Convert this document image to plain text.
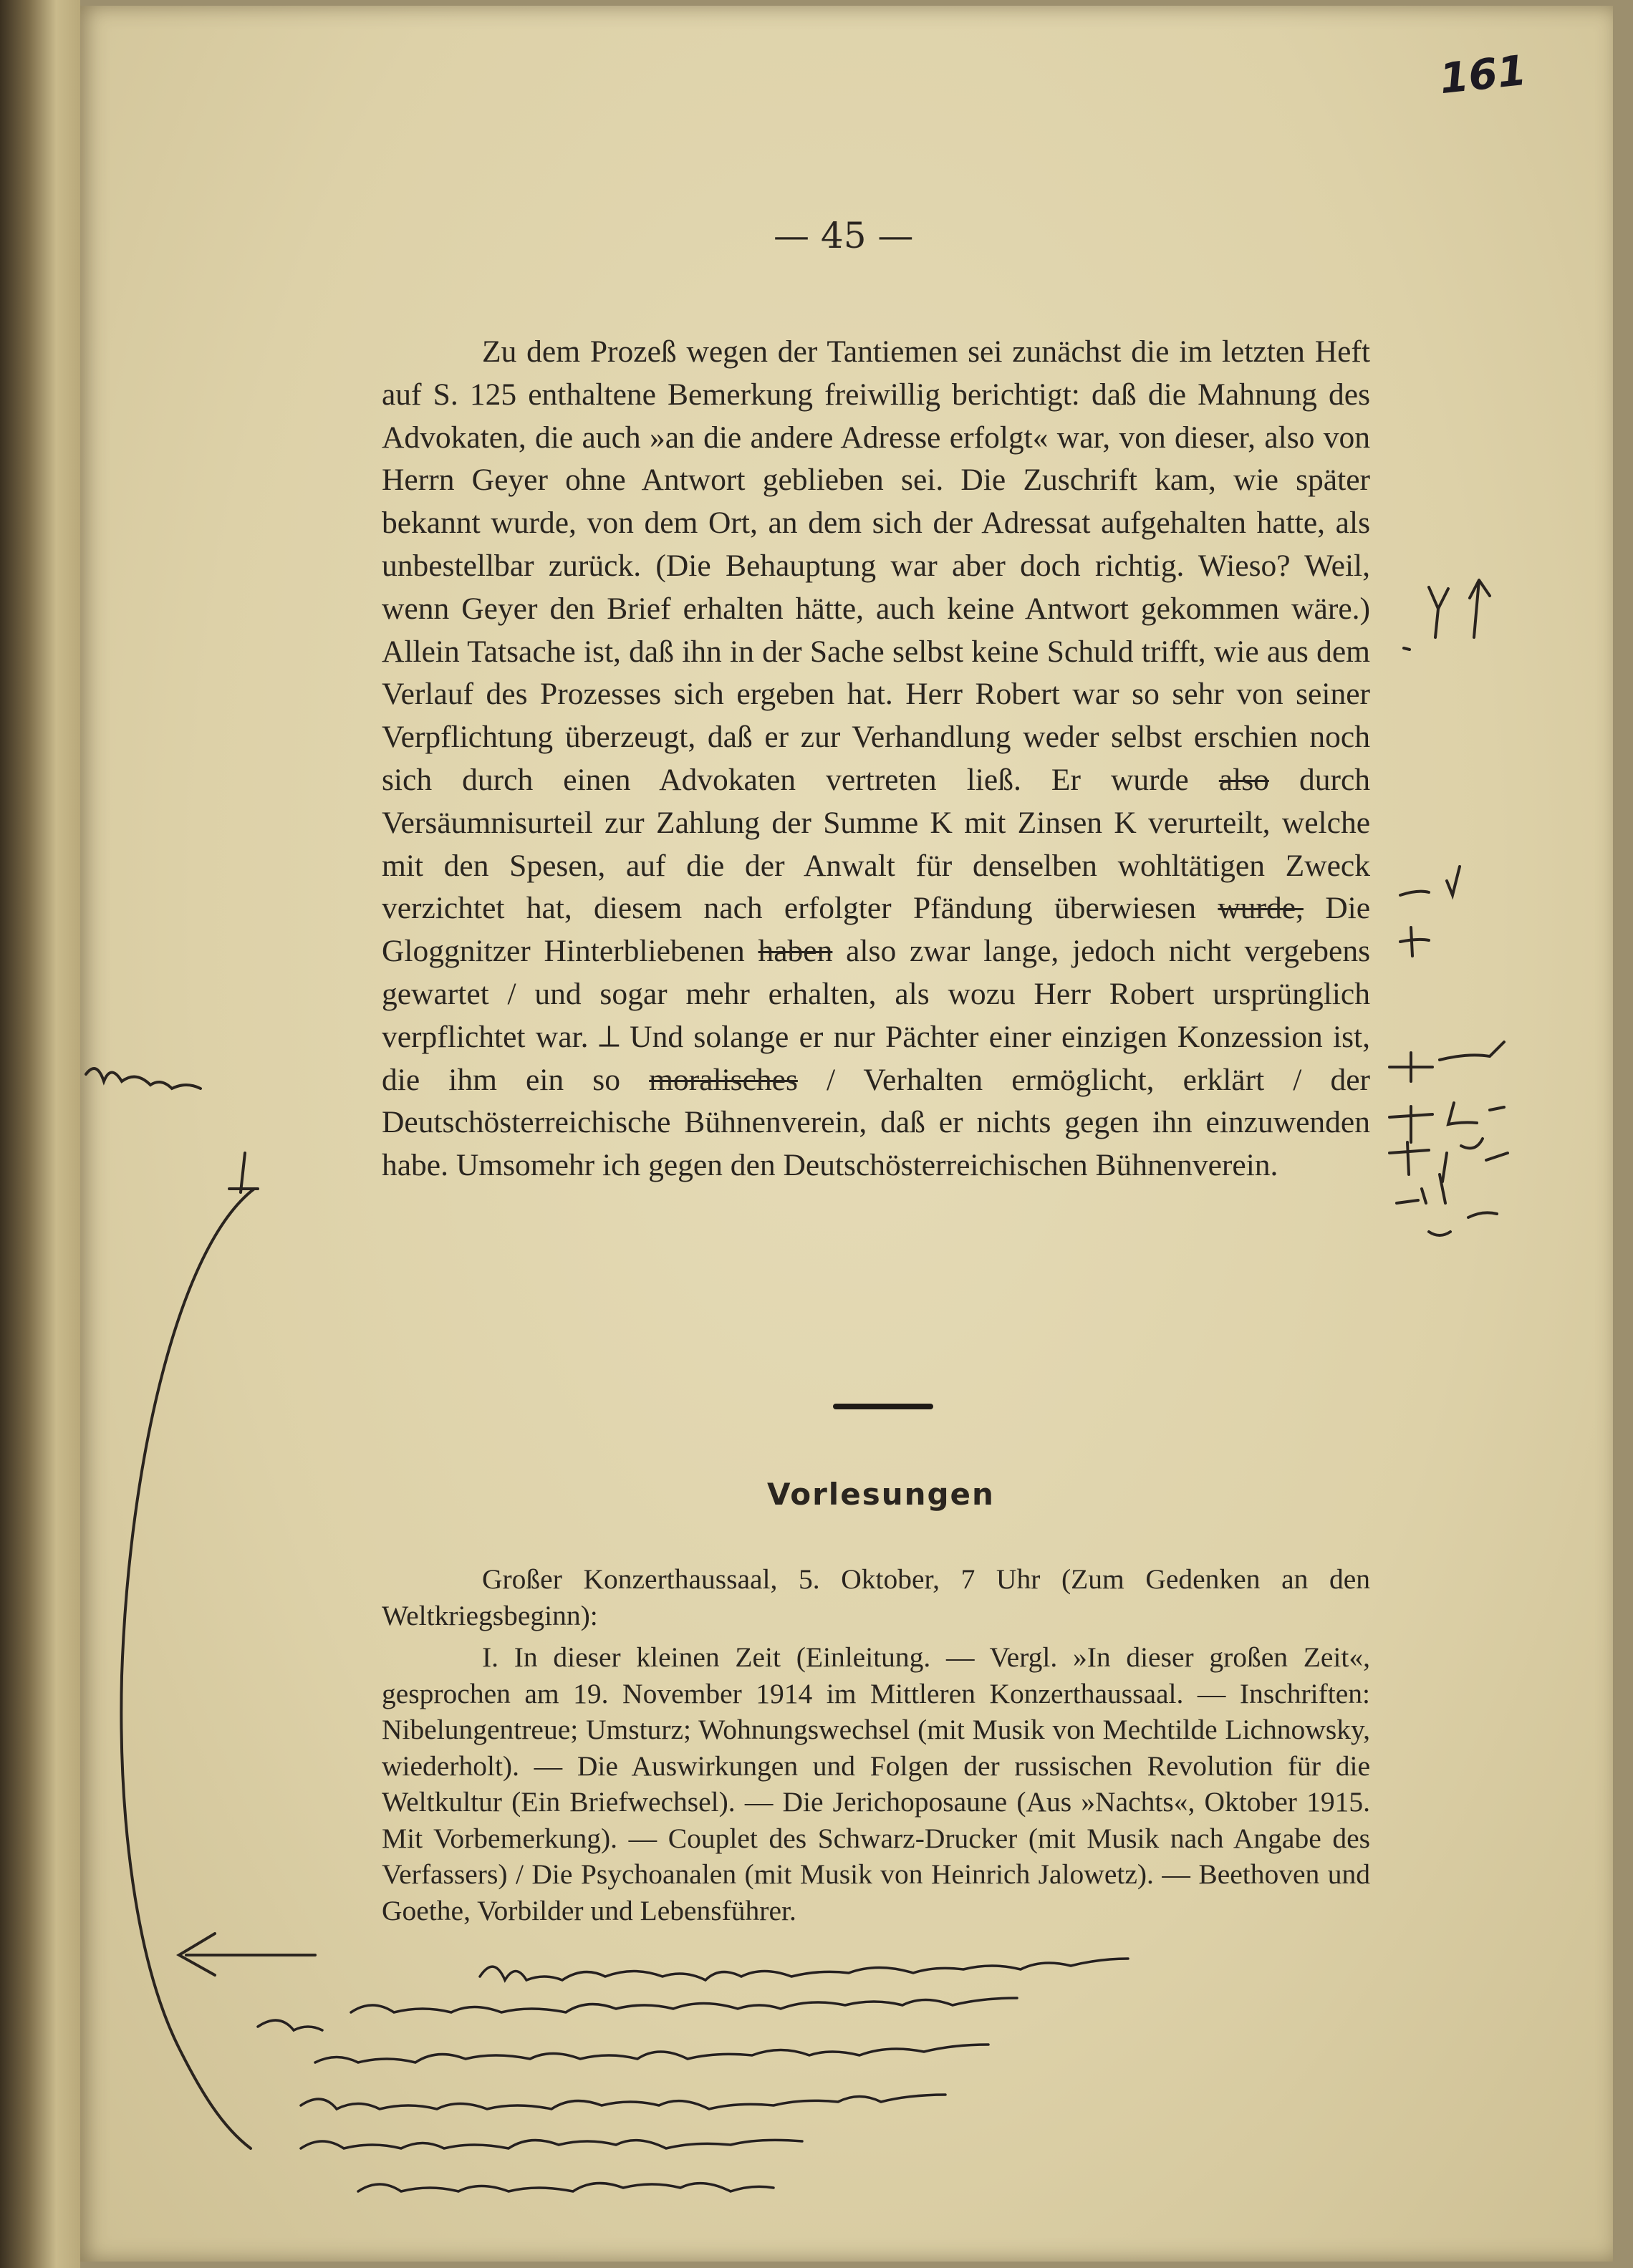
161
— 45 —

Zu dem Prozeß wegen der Tantiemen sei zunächst die im letzten Heft auf S. 125 enthaltene Bemerkung freiwillig berichtigt: daß die Mahnung des Advokaten, die auch »an die andere Adresse erfolgt« war, von dieser, also von Herrn Geyer ohne Antwort geblieben sei. Die Zuschrift kam, wie später bekannt wurde, von dem Ort, an dem sich der Adressat aufgehalten hatte, als unbestellbar zurück. (Die Behauptung war aber doch richtig. Wieso? Weil, wenn Geyer den Brief erhalten hätte, auch keine Antwort gekommen wäre.) Allein Tatsache ist, daß ihn in der Sache selbst keine Schuld trifft, wie aus dem Verlauf des Prozesses sich ergeben hat. Herr Robert war so sehr von seiner Verpflichtung überzeugt, daß er zur Verhandlung weder selbst erschien noch sich durch einen Advokaten vertreten ließ. Er wurde also durch Versäumnisurteil zur Zahlung der Summe K mit Zinsen K verurteilt, welche mit den Spesen, auf die der Anwalt für denselben wohltätigen Zweck verzichtet hat, diesem nach erfolgter Pfändung überwiesen wurde, Die Gloggnitzer Hinterbliebenen haben also zwar lange, jedoch nicht vergebens gewartet / und sogar mehr erhalten, als wozu Herr Robert ursprünglich verpflichtet war. ⟂ Und solange er nur Pächter einer einzigen Konzession ist, die ihm ein so moralisches / Verhalten ermöglicht, erklärt / der Deutschösterreichische Bühnenverein, daß er nichts gegen ihn einzuwenden habe. Umsomehr ich gegen den Deutschösterreichischen Bühnenverein.

Vorlesungen

Großer Konzerthaussaal, 5. Oktober, 7 Uhr (Zum Gedenken an den Weltkriegsbeginn):

I. In dieser kleinen Zeit (Einleitung. — Vergl. »In dieser großen Zeit«, gesprochen am 19. November 1914 im Mittleren Konzerthaussaal. — Inschriften: Nibelungentreue; Umsturz; Wohnungswechsel (mit Musik von Mechtilde Lichnowsky, wiederholt). — Die Auswirkungen und Folgen der russischen Revolution für die Weltkultur (Ein Briefwechsel). — Die Jerichoposaune (Aus »Nachts«, Oktober 1915. Mit Vorbemerkung). — Couplet des Schwarz-Drucker (mit Musik nach Angabe des Verfassers) / Die Psychoanalen (mit Musik von Heinrich Jalowetz). — Beethoven und Goethe, Vorbilder und Lebensführer.
